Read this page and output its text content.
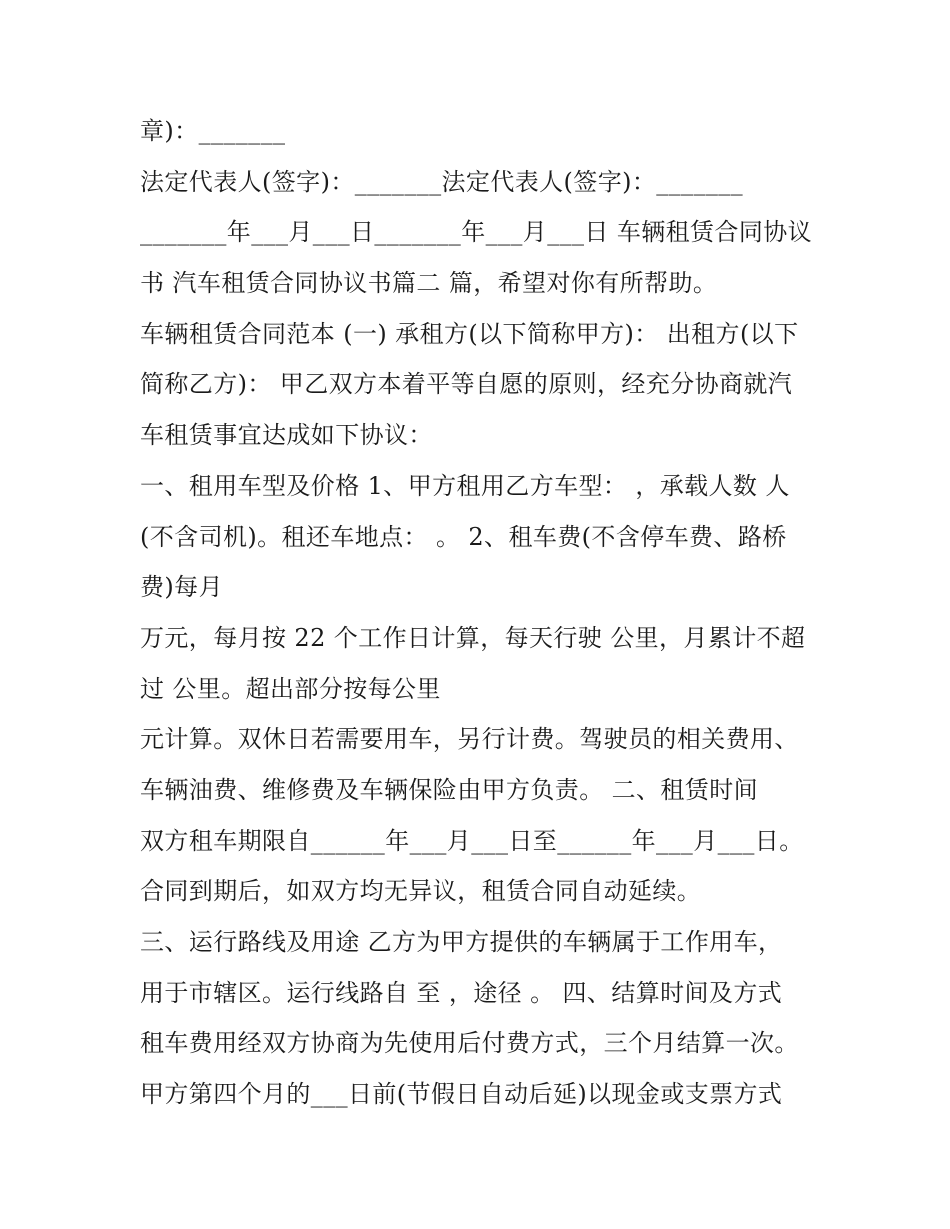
章)：_______
法定代表人(签字)：_______法定代表人(签字)：_______
_______年___月___日_______年___月___日 车辆租赁合同协议
书 汽车租赁合同协议书篇二 篇，希望对你有所帮助。
车辆租赁合同范本 (一) 承租方(以下简称甲方)： 出租方(以下
简称乙方)： 甲乙双方本着平等自愿的原则，经充分协商就汽
车租赁事宜达成如下协议：
一、租用车型及价格 1、甲方租用乙方车型： ，承载人数 人
(不含司机)。租还车地点： 。 2、租车费(不含停车费、路桥
费)每月
万元，每月按 22 个工作日计算，每天行驶 公里，月累计不超
过 公里。超出部分按每公里
元计算。双休日若需要用车，另行计费。驾驶员的相关费用、
车辆油费、维修费及车辆保险由甲方负责。 二、租赁时间
双方租车期限自______年___月___日至______年___月___日。
合同到期后，如双方均无异议，租赁合同自动延续。
三、运行路线及用途 乙方为甲方提供的车辆属于工作用车，
用于市辖区。运行线路自 至 ，途径 。 四、结算时间及方式
租车费用经双方协商为先使用后付费方式，三个月结算一次。
甲方第四个月的___日前(节假日自动后延)以现金或支票方式
